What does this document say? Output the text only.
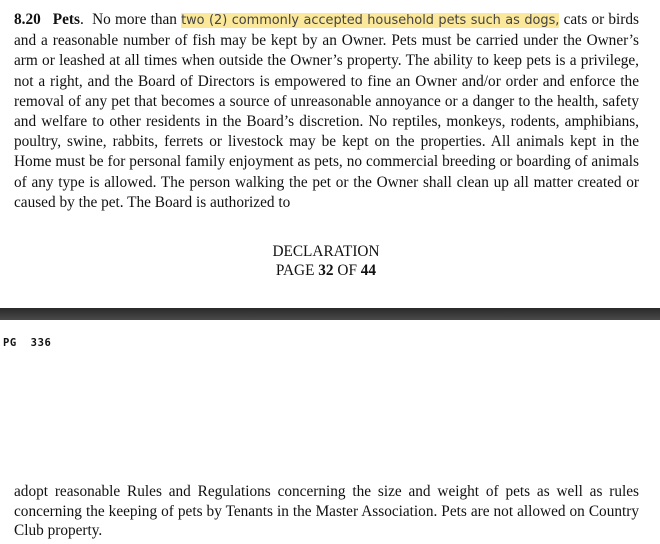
8.20 Pets. No more than two (2) commonly accepted household pets such as dogs, cats or birds and a reasonable number of fish may be kept by an Owner. Pets must be carried under the Owner’s arm or leashed at all times when outside the Owner’s property. The ability to keep pets is a privilege, not a right, and the Board of Directors is empowered to fine an Owner and/or order and enforce the removal of any pet that becomes a source of unreasonable annoyance or a danger to the health, safety and welfare to other residents in the Board’s discretion. No reptiles, monkeys, rodents, amphibians, poultry, swine, rabbits, ferrets or livestock may be kept on the properties. All animals kept in the Home must be for personal family enjoyment as pets, no commercial breeding or boarding of animals of any type is allowed. The person walking the pet or the Owner shall clean up all matter created or caused by the pet. The Board is authorized to

DECLARATION
PAGE 32 OF 44
PG  336

adopt reasonable Rules and Regulations concerning the size and weight of pets as well as rules concerning the keeping of pets by Tenants in the Master Association. Pets are not allowed on Country Club property.
